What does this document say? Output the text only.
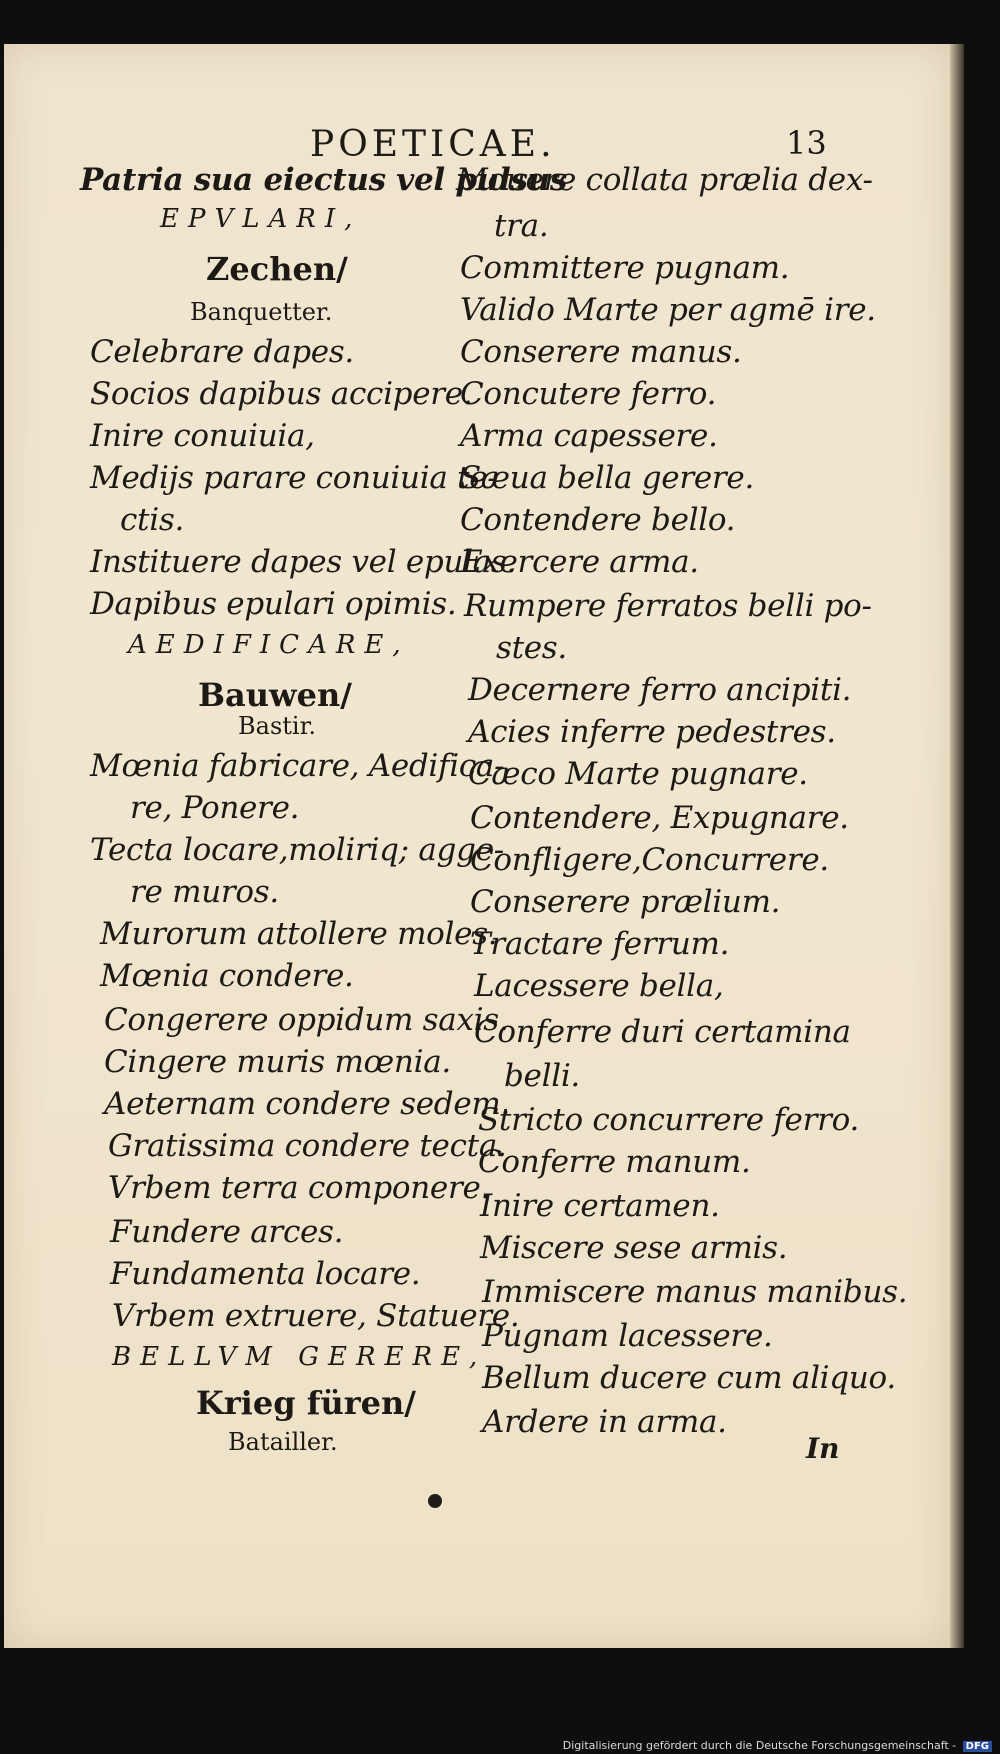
POETICAE.	13
Patria sua eiectus vel pulsus
EPVLARI,
Zechen/
Banquetter.
Celebrare dapes.
Socios dapibus accipere.
Inire conuiuia,
Medijs parare conuiuia te-
ctis.
Instituere dapes vel epulas.
Dapibus epulari opimis.
AEDIFICARE,
Bauwen/
Bastir.
Mœnia fabricare, Aedifica-
re, Ponere.
Tecta locare,moliriq; agge-
re muros.
Murorum attollere moles.
Mœnia condere.
Congerere oppidum saxis.
Cingere muris mœnia.
Aeternam condere sedem.
Gratissima condere tecta.
Vrbem terra componere.
Fundere arces.
Fundamenta locare.
Vrbem extruere, Statuere.
BELLVM GERERE,
Krieg füren/
Batailler.
Mouere collata prælia dex-
tra.
Committere pugnam.
Valido Marte per agmē ire.
Conserere manus.
Concutere ferro.
Arma capessere.
Sæua bella gerere.
Contendere bello.
Exercere arma.
Rumpere ferratos belli po-
stes.
Decernere ferro ancipiti.
Acies inferre pedestres.
Cæco Marte pugnare.
Contendere, Expugnare.
Confligere,Concurrere.
Conserere prælium.
Tractare ferrum.
Lacessere bella,
Conferre duri certamina
belli.
Stricto concurrere ferro.
Conferre manum.
Inire certamen.
Miscere sese armis.
Immiscere manus manibus.
Pugnam lacessere.
Bellum ducere cum aliquo.
Ardere in arma.
In
Digitalisierung gefördert durch die Deutsche Forschungsgemeinschaft - DFG
